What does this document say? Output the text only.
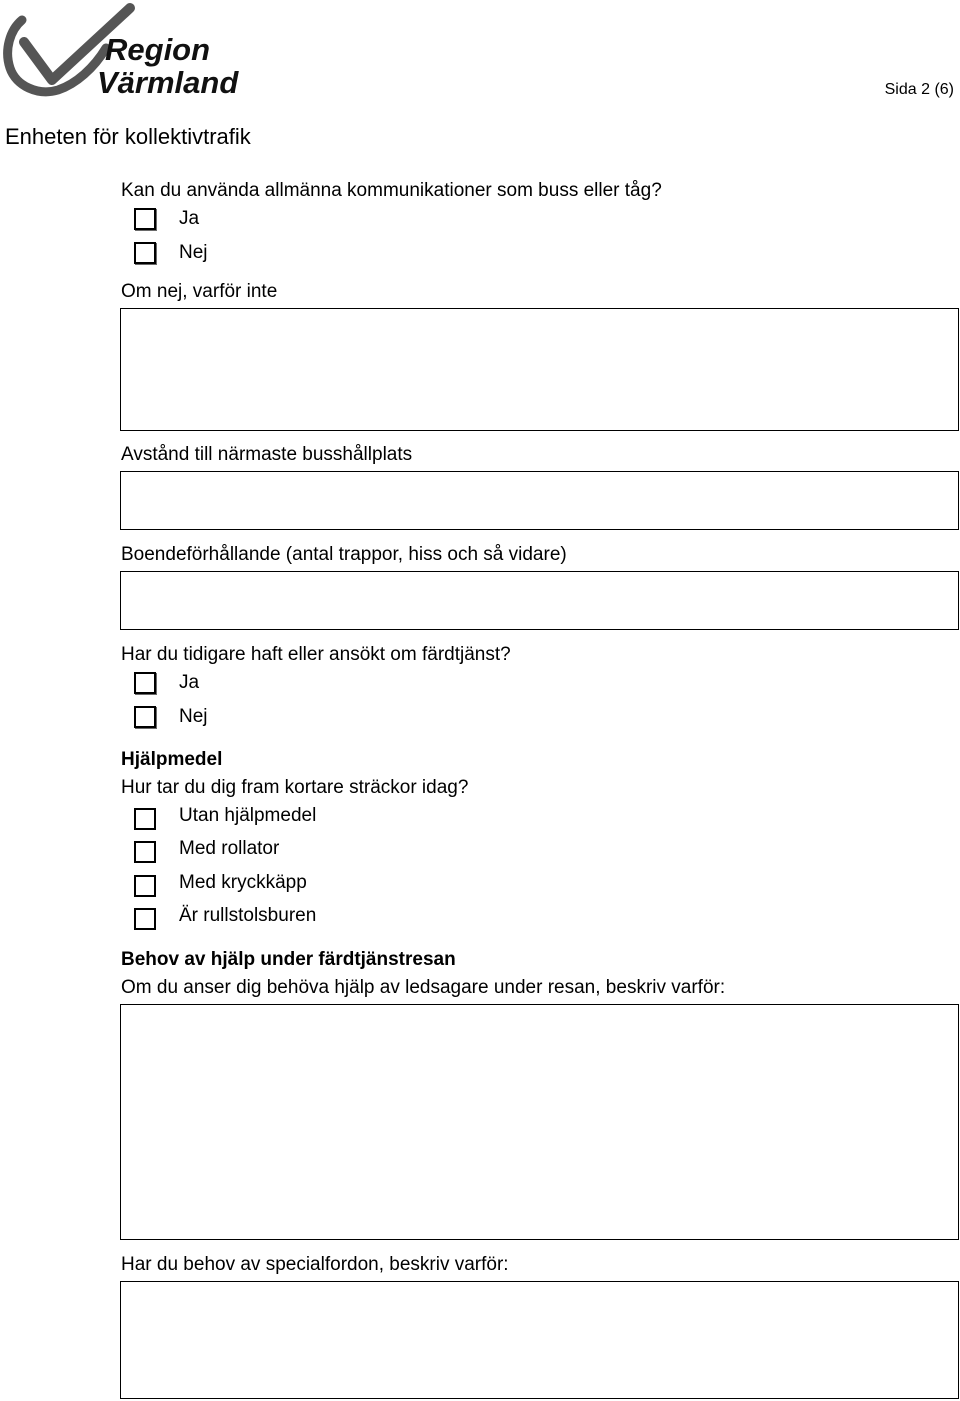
Region
Värmland	Sida 2 (6)
Enheten för kollektivtrafik
Kan du använda allmänna kommunikationer som buss eller tåg?
Ja
Nej
Om nej, varför inte
Avstånd till närmaste busshållplats
Boendeförhållande (antal trappor, hiss och så vidare)
Har du tidigare haft eller ansökt om färdtjänst?
Ja
Nej
Hjälpmedel
Hur tar du dig fram kortare sträckor idag?
Utan hjälpmedel
Med rollator
Med kryckkäpp
Är rullstolsburen
Behov av hjälp under färdtjänstresan
Om du anser dig behöva hjälp av ledsagare under resan, beskriv varför:
Har du behov av specialfordon, beskriv varför:
